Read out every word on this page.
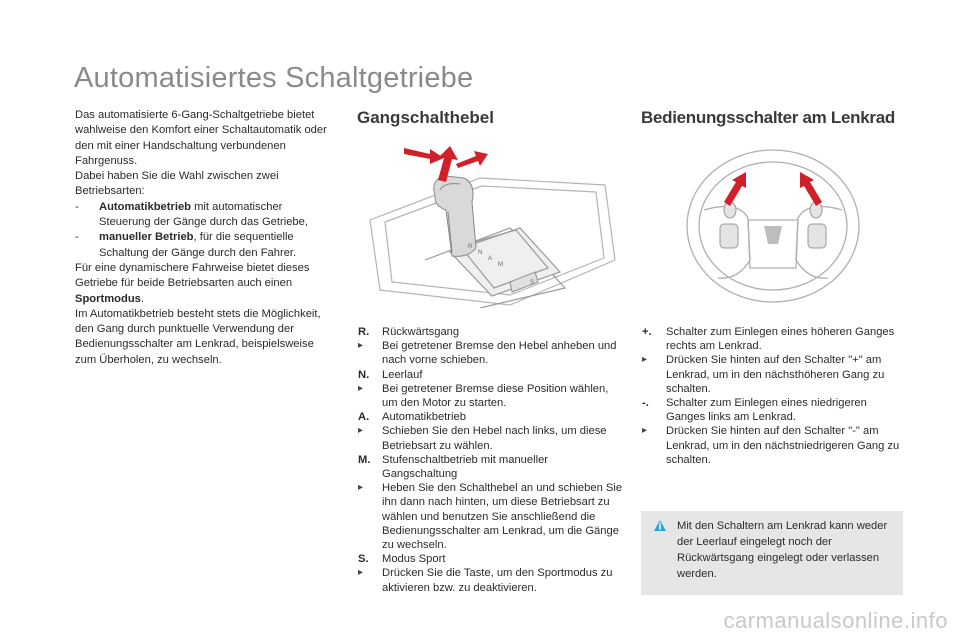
Automatisiertes Schaltgetriebe

Das automatisierte 6-Gang-Schaltgetriebe bietet wahlweise den Komfort einer Schaltautomatik oder den mit einer Handschaltung verbundenen Fahrgenuss.

Dabei haben Sie die Wahl zwischen zwei Betriebsarten:

-	Automatikbetrieb mit automatischer Steuerung der Gänge durch das Getriebe,
-	manueller Betrieb, für die sequentielle Schaltung der Gänge durch den Fahrer.

Für eine dynamischere Fahrweise bietet dieses Getriebe für beide Betriebsarten auch einen Sportmodus.

Im Automatikbetrieb besteht stets die Möglichkeit, den Gang durch punktuelle Verwendung der Bedienungsschalter am Lenkrad, beispielsweise zum Überholen, zu wechseln.

Gangschalthebel	Bedienungsschalter am Lenkrad
R
N
A
M
S
R.	Rückwärtsgang
▸	Bei getretener Bremse den Hebel anheben und nach vorne schieben.
N.	Leerlauf
▸	Bei getretener Bremse diese Position wählen, um den Motor zu starten.
A.	Automatikbetrieb
▸	Schieben Sie den Hebel nach links, um diese Betriebsart zu wählen.
M.	Stufenschaltbetrieb mit manueller Gangschaltung
▸	Heben Sie den Schalthebel an und schieben Sie ihn dann nach hinten, um diese Betriebsart zu wählen und benutzen Sie anschließend die Bedienungsschalter am Lenkrad, um die Gänge zu wechseln.
S.	Modus Sport
▸	Drücken Sie die Taste, um den Sportmodus zu aktivieren bzw. zu deaktivieren.
+.	Schalter zum Einlegen eines höheren Ganges rechts am Lenkrad.
▸	Drücken Sie hinten auf den Schalter "+" am Lenkrad, um in den nächsthöheren Gang zu schalten.
-.	Schalter zum Einlegen eines niedrigeren Ganges links am Lenkrad.
▸	Drücken Sie hinten auf den Schalter "-" am Lenkrad, um in den nächstniedrigeren Gang zu schalten.
Mit den Schaltern am Lenkrad kann weder der Leerlauf eingelegt noch der Rückwärtsgang eingelegt oder verlassen werden.
carmanualsonline.info
